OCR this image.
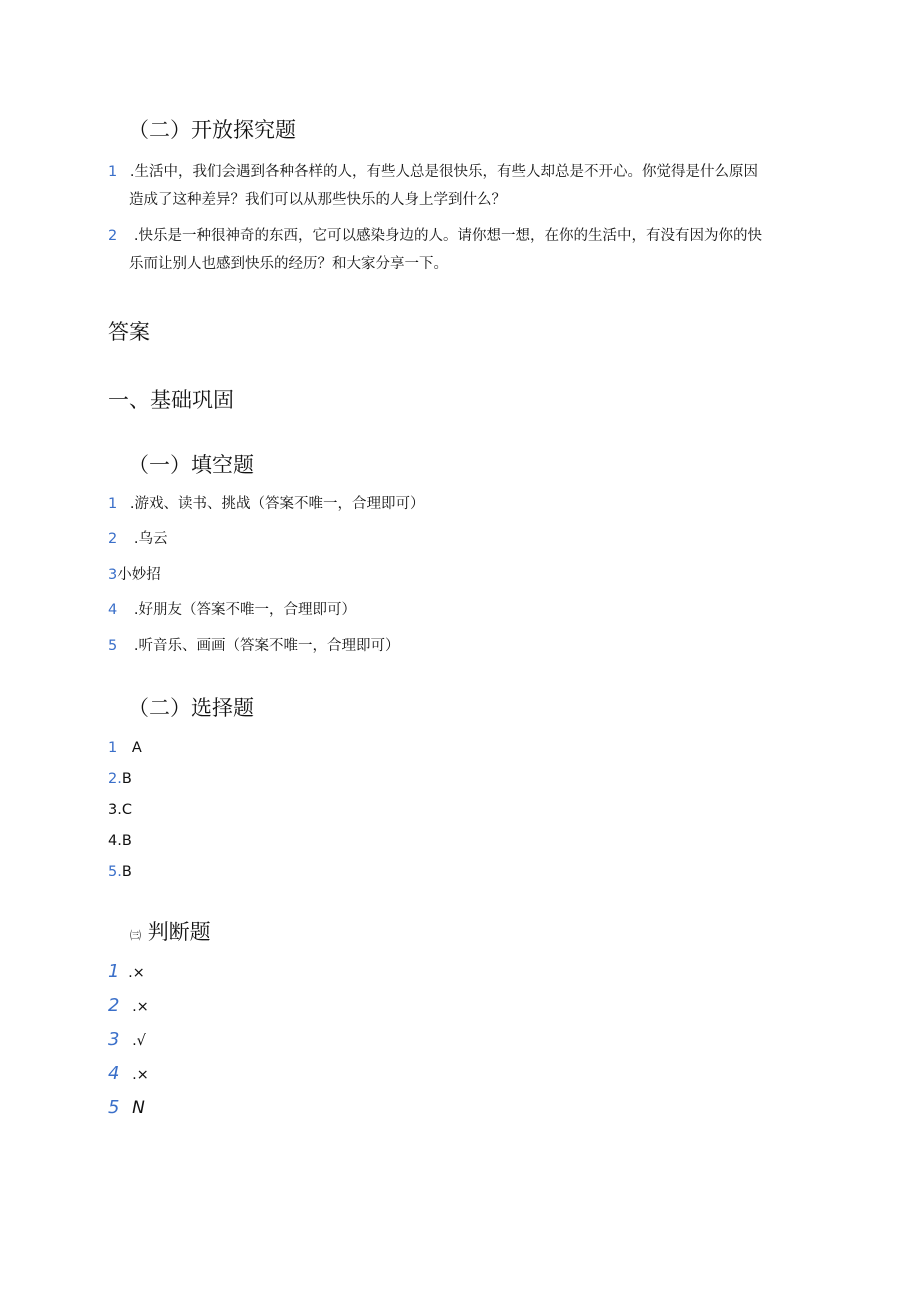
（二）开放探究题
1 .生活中，我们会遇到各种各样的人，有些人总是很快乐，有些人却总是不开心。你觉得是什么原因
造成了这种差异？我们可以从那些快乐的人身上学到什么？
2 .快乐是一种很神奇的东西，它可以感染身边的人。请你想一想，在你的生活中，有没有因为你的快
乐而让别人也感到快乐的经历？和大家分享一下。
答案
一、基础巩固
（一）填空题
1 .游戏、读书、挑战（答案不唯一，合理即可）
2 .乌云
3小妙招
4 .好朋友（答案不唯一，合理即可）
5 .听音乐、画画（答案不唯一，合理即可）
（二）选择题
1 A
2.B
3.C
4.B
5.B
㈢ 判断题
1 .×
2 .×
3 .√
4 .×
5 N
